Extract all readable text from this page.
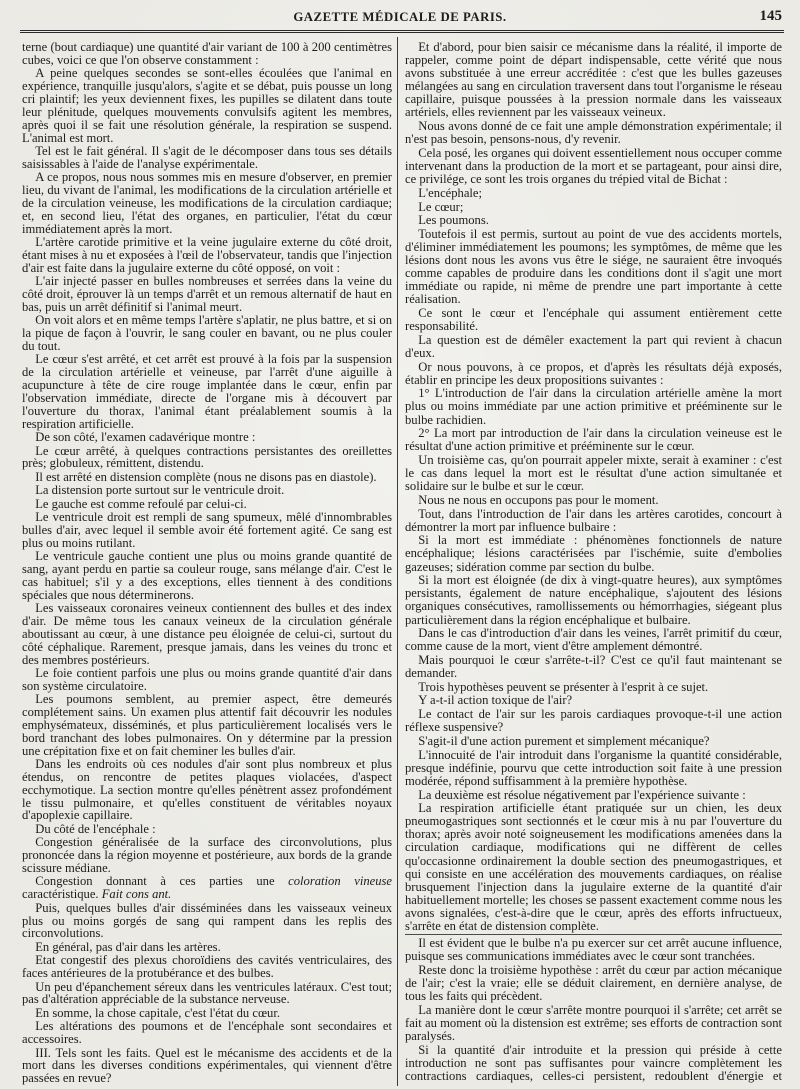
GAZETTE MÉDICALE DE PARIS.	145

terne (bout cardiaque) une quantité d'air variant de 100 à 200 centimètres cubes, voici ce que l'on observe constamment :

A peine quelques secondes se sont-elles écoulées que l'animal en expérience, tranquille jusqu'alors, s'agite et se débat, puis pousse un long cri plaintif; les yeux deviennent fixes, les pupilles se dilatent dans toute leur plénitude, quelques mouvements convulsifs agitent les membres, après quoi il se fait une résolution générale, la respiration se suspend. L'animal est mort.

Tel est le fait général. Il s'agit de le décomposer dans tous ses détails saisissables à l'aide de l'analyse expérimentale.

A ce propos, nous nous sommes mis en mesure d'observer, en premier lieu, du vivant de l'animal, les modifications de la circulation artérielle et de la circulation veineuse, les modifications de la circulation cardiaque; et, en second lieu, l'état des organes, en particulier, l'état du cœur immédiatement après la mort.

L'artère carotide primitive et la veine jugulaire externe du côté droit, étant mises à nu et exposées à l'œil de l'observateur, tandis que l'injection d'air est faite dans la jugulaire externe du côté opposé, on voit :

L'air injecté passer en bulles nombreuses et serrées dans la veine du côté droit, éprouver là un temps d'arrêt et un remous alternatif de haut en bas, puis un arrêt définitif si l'animal meurt.

On voit alors et en même temps l'artère s'aplatir, ne plus battre, et si on la pique de façon à l'ouvrir, le sang couler en bavant, ou ne plus couler du tout.

Le cœur s'est arrêté, et cet arrêt est prouvé à la fois par la suspension de la circulation artérielle et veineuse, par l'arrêt d'une aiguille à acupuncture à tête de cire rouge implantée dans le cœur, enfin par l'observation immédiate, directe de l'organe mis à découvert par l'ouverture du thorax, l'animal étant préalablement soumis à la respiration artificielle.

De son côté, l'examen cadavérique montre :

Le cœur arrêté, à quelques contractions persistantes des oreillettes près; globuleux, rémittent, distendu.

Il est arrêté en distension complète (nous ne disons pas en diastole).

La distension porte surtout sur le ventricule droit.

Le gauche est comme refoulé par celui-ci.

Le ventricule droit est rempli de sang spumeux, mêlé d'innombrables bulles d'air, avec lequel il semble avoir été fortement agité. Ce sang est plus ou moins rutilant.

Le ventricule gauche contient une plus ou moins grande quantité de sang, ayant perdu en partie sa couleur rouge, sans mélange d'air. C'est le cas habituel; s'il y a des exceptions, elles tiennent à des conditions spéciales que nous déterminerons.

Les vaisseaux coronaires veineux contiennent des bulles et des index d'air. De même tous les canaux veineux de la circulation générale aboutissant au cœur, à une distance peu éloignée de celui-ci, surtout du côté céphalique. Rarement, presque jamais, dans les veines du tronc et des membres postérieurs.

Le foie contient parfois une plus ou moins grande quantité d'air dans son système circulatoire.

Les poumons semblent, au premier aspect, être demeurés complétement sains. Un examen plus attentif fait découvrir les nodules emphysémateux, disséminés, et plus particulièrement localisés vers le bord tranchant des lobes pulmonaires. On y détermine par la pression une crépitation fixe et on fait cheminer les bulles d'air.

Dans les endroits où ces nodules d'air sont plus nombreux et plus étendus, on rencontre de petites plaques violacées, d'aspect ecchymotique. La section montre qu'elles pénètrent assez profondément le tissu pulmonaire, et qu'elles constituent de véritables noyaux d'apoplexie capillaire.

Du côté de l'encéphale :

Congestion généralisée de la surface des circonvolutions, plus prononcée dans la région moyenne et postérieure, aux bords de la grande scissure médiane.

Congestion donnant à ces parties une coloration vineuse caractéristique. Fait cons ant.

Puis, quelques bulles d'air disséminées dans les vaisseaux veineux plus ou moins gorgés de sang qui rampent dans les replis des circonvolutions.

En général, pas d'air dans les artères.

Etat congestif des plexus choroïdiens des cavités ventriculaires, des faces antérieures de la protubérance et des bulbes.

Un peu d'épanchement séreux dans les ventricules latéraux. C'est tout; pas d'altération appréciable de la substance nerveuse.

En somme, la chose capitale, c'est l'état du cœur.

Les altérations des poumons et de l'encéphale sont secondaires et accessoires.

III. Tels sont les faits. Quel est le mécanisme des accidents et de la mort dans les diverses conditions expérimentales, qui viennent d'être passées en revue?

Et d'abord, pour bien saisir ce mécanisme dans la réalité, il importe de rappeler, comme point de départ indispensable, cette vérité que nous avons substituée à une erreur accréditée : c'est que les bulles gazeuses mélangées au sang en circulation traversent dans tout l'organisme le réseau capillaire, puisque poussées à la pression normale dans les vaisseaux artériels, elles reviennent par les vaisseaux veineux.

Nous avons donné de ce fait une ample démonstration expérimentale; il n'est pas besoin, pensons-nous, d'y revenir.

Cela posé, les organes qui doivent essentiellement nous occuper comme intervenant dans la production de la mort et se partageant, pour ainsi dire, ce privilége, ce sont les trois organes du trépied vital de Bichat :

L'encéphale;

Le cœur;

Les poumons.

Toutefois il est permis, surtout au point de vue des accidents mortels, d'éliminer immédiatement les poumons; les symptômes, de même que les lésions dont nous les avons vus être le siége, ne sauraient être invoqués comme capables de produire dans les conditions dont il s'agit une mort immédiate ou rapide, ni même de prendre une part importante à cette réalisation.

Ce sont le cœur et l'encéphale qui assument entièrement cette responsabilité.

La question est de démêler exactement la part qui revient à chacun d'eux.

Or nous pouvons, à ce propos, et d'après les résultats déjà exposés, établir en principe les deux propositions suivantes :

1° L'introduction de l'air dans la circulation artérielle amène la mort plus ou moins immédiate par une action primitive et prééminente sur le bulbe rachidien.

2° La mort par introduction de l'air dans la circulation veineuse est le résultat d'une action primitive et prééminente sur le cœur.

Un troisième cas, qu'on pourrait appeler mixte, serait à examiner : c'est le cas dans lequel la mort est le résultat d'une action simultanée et solidaire sur le bulbe et sur le cœur.

Nous ne nous en occupons pas pour le moment.

Tout, dans l'introduction de l'air dans les artères carotides, concourt à démontrer la mort par influence bulbaire :

Si la mort est immédiate : phénomènes fonctionnels de nature encéphalique; lésions caractérisées par l'ischémie, suite d'embolies gazeuses; sidération comme par section du bulbe.

Si la mort est éloignée (de dix à vingt-quatre heures), aux symptômes persistants, également de nature encéphalique, s'ajoutent des lésions organiques consécutives, ramollissements ou hémorrhagies, siégeant plus particulièrement dans la région encéphalique et bulbaire.

Dans le cas d'introduction d'air dans les veines, l'arrêt primitif du cœur, comme cause de la mort, vient d'être amplement démontré.

Mais pourquoi le cœur s'arrête-t-il? C'est ce qu'il faut maintenant se demander.

Trois hypothèses peuvent se présenter à l'esprit à ce sujet.

Y a-t-il action toxique de l'air?

Le contact de l'air sur les parois cardiaques provoque-t-il une action réflexe suspensive?

S'agit-il d'une action purement et simplement mécanique?

L'innocuité de l'air introduit dans l'organisme la quantité considérable, presque indéfinie, pourvu que cette introduction soit faite à une pression modérée, répond suffisamment à la première hypothèse.

La deuxième est résolue négativement par l'expérience suivante :

La respiration artificielle étant pratiquée sur un chien, les deux pneumogastriques sont sectionnés et le cœur mis à nu par l'ouverture du thorax; après avoir noté soigneusement les modifications amenées dans la circulation cardiaque, modifications qui ne diffèrent de celles qu'occasionne ordinairement la double section des pneumogastriques, et qui consiste en une accélération des mouvements cardiaques, on réalise brusquement l'injection dans la jugulaire externe de la quantité d'air habituellement mortelle; les choses se passent exactement comme nous les avons signalées, c'est-à-dire que le cœur, après des efforts infructueux, s'arrête en état de distension complète.

Il est évident que le bulbe n'a pu exercer sur cet arrêt aucune influence, puisque ses communications immédiates avec le cœur sont tranchées.

Reste donc la troisième hypothèse : arrêt du cœur par action mécanique de l'air; c'est la vraie; elle se déduit clairement, en dernière analyse, de tous les faits qui précèdent.

La manière dont le cœur s'arrête montre pourquoi il s'arrête; cet arrêt se fait au moment où la distension est extrême; ses efforts de contraction sont paralysés.

Si la quantité d'air introduite et la pression qui préside à cette introduction ne sont pas suffisantes pour vaincre complètement les contractions cardiaques, celles-ci persistent, redoublent d'énergie et
